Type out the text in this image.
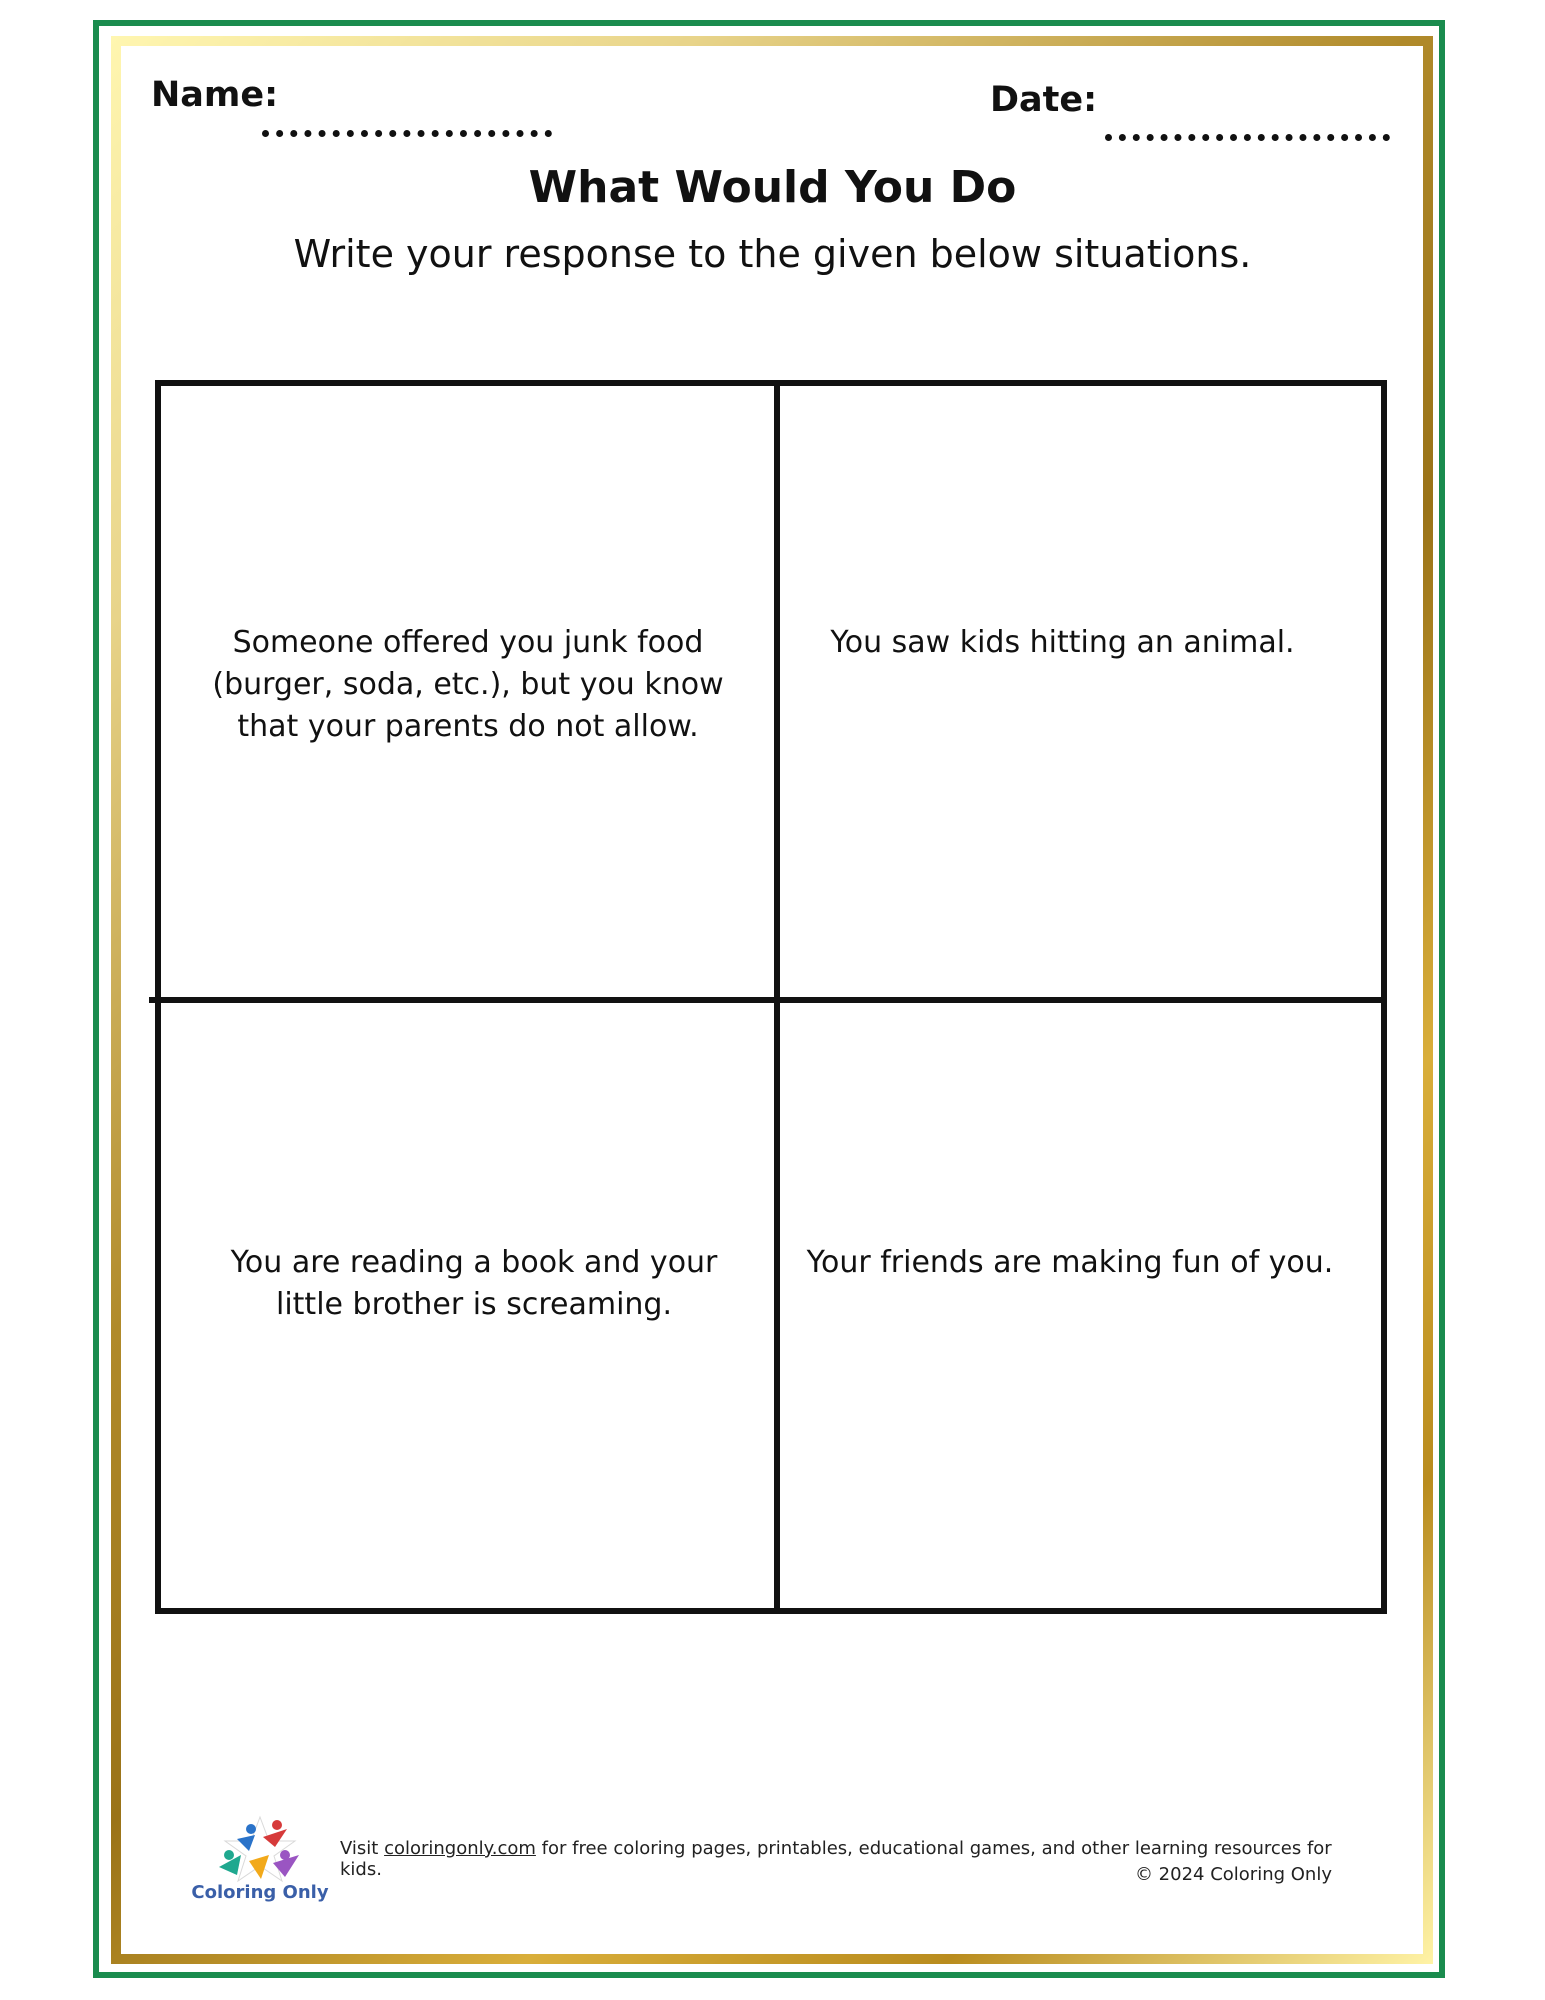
Name:	Date:
What Would You Do
Write your response to the given below situations.
Someone offered you junk food (burger, soda, etc.), but you know that your parents do not allow.
You saw kids hitting an animal.
You are reading a book and your little brother is screaming.
Your friends are making fun of you.
Coloring Only
Visit coloringonly.com for free coloring pages, printables, educational games, and other learning resources for kids.	© 2024 Coloring Only
